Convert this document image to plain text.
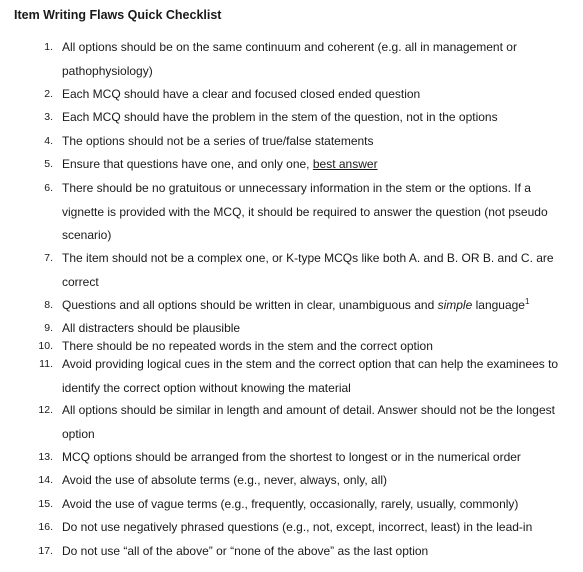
Item Writing Flaws Quick Checklist
1. All options should be on the same continuum and coherent (e.g. all in management or pathophysiology)
2. Each MCQ should have a clear and focused closed ended question
3. Each MCQ should have the problem in the stem of the question, not in the options
4. The options should not be a series of true/false statements
5. Ensure that questions have one, and only one, best answer
6. There should be no gratuitous or unnecessary information in the stem or the options. If a vignette is provided with the MCQ, it should be required to answer the question (not pseudo scenario)
7. The item should not be a complex one, or K-type MCQs like both A. and B. OR B. and C. are correct
8. Questions and all options should be written in clear, unambiguous and simple language$^1$
9. All distracters should be plausible
10. There should be no repeated words in the stem and the correct option
11. Avoid providing logical cues in the stem and the correct option that can help the examinees to identify the correct option without knowing the material
12. All options should be similar in length and amount of detail. Answer should not be the longest option
13. MCQ options should be arranged from the shortest to longest or in the numerical order
14. Avoid the use of absolute terms (e.g., never, always, only, all)
15. Avoid the use of vague terms (e.g., frequently, occasionally, rarely, usually, commonly)
16. Do not use negatively phrased questions (e.g., not, except, incorrect, least) in the lead-in
17. Do not use “all of the above” or “none of the above” as the last option
